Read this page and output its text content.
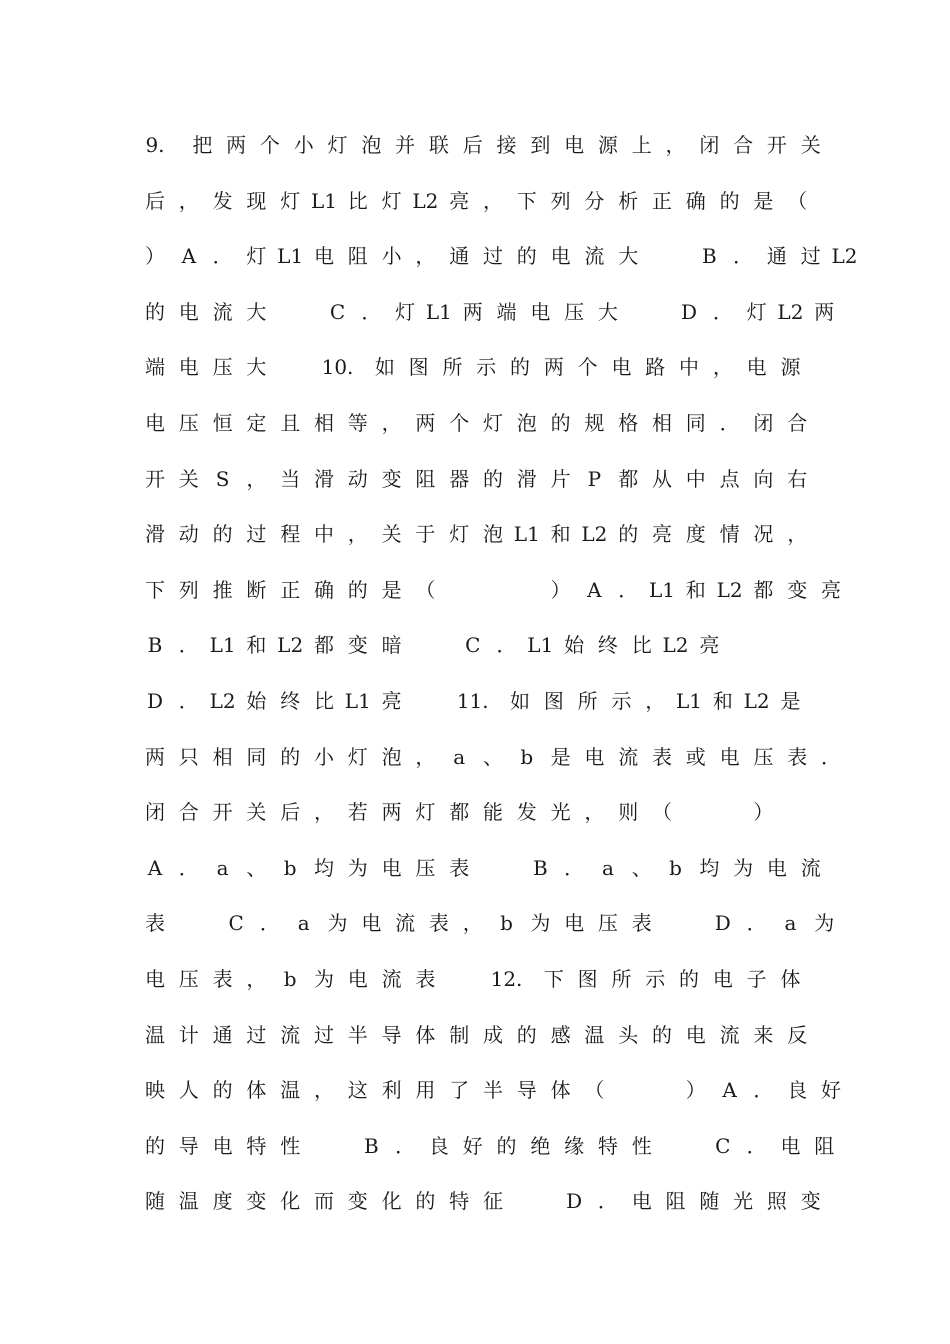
9.	把 两 个 小 灯 泡 并 联 后 接 到 电 源 上 ， 闭 合 开 关
后 ， 发 现 灯 L1 比 灯 L2 亮 ， 下 列 分 析 正 确 的 是 （
） A ． 灯 L1 电 阻 小 ， 通 过 的 电 流 大
　	B ． 通 过 L2
的 电 流 大
　	C ． 灯 L1 两 端 电 压 大
　	D ． 灯 L2 两
端 电 压 大
　	10.	如 图 所 示 的 两 个 电 路 中 ， 电 源
电 压 恒 定 且 相 等 ， 两 个 灯 泡 的 规 格 相 同 ． 闭 合
开 关 S ， 当 滑 动 变 阻 器 的 滑 片 P 都 从 中 点 向 右
滑 动 的 过 程 中 ， 关 于 灯 泡 L1 和 L2 的 亮 度 情 况 ，
下 列 推 断 正 确 的 是 （

　	） A ． L1 和 L2 都 变 亮
B ． L1 和 L2 都 变 暗
　	C ． L1 始 终 比 L2 亮
D ． L2 始 终 比 L1 亮
　	11.	如 图 所 示 ， L1 和 L2 是
两 只 相 同 的 小 灯 泡 ， a 、 b 是 电 流 表 或 电 压 表 ．
闭 合 开 关 后 ， 若 两 灯 都 能 发 光 ， 则 （

　	）
A ． a 、 b 均 为 电 压 表
　	B ． a 、 b 均 为 电 流
表
　	C ． a 为 电 流 表 ， b 为 电 压 表
　	D ． a 为
电 压 表 ， b 为 电 流 表
　	12.	下 图 所 示 的 电 子 体
温 计 通 过 流 过 半 导 体 制 成 的 感 温 头 的 电 流 来 反
映 人 的 体 温 ， 这 利 用 了 半 导 体 （

　	） A ． 良 好
的 导 电 特 性
　	B ． 良 好 的 绝 缘 特 性
　	C ． 电 阻
随 温 度 变 化 而 变 化 的 特 征
　	D ． 电 阻 随 光 照 变
